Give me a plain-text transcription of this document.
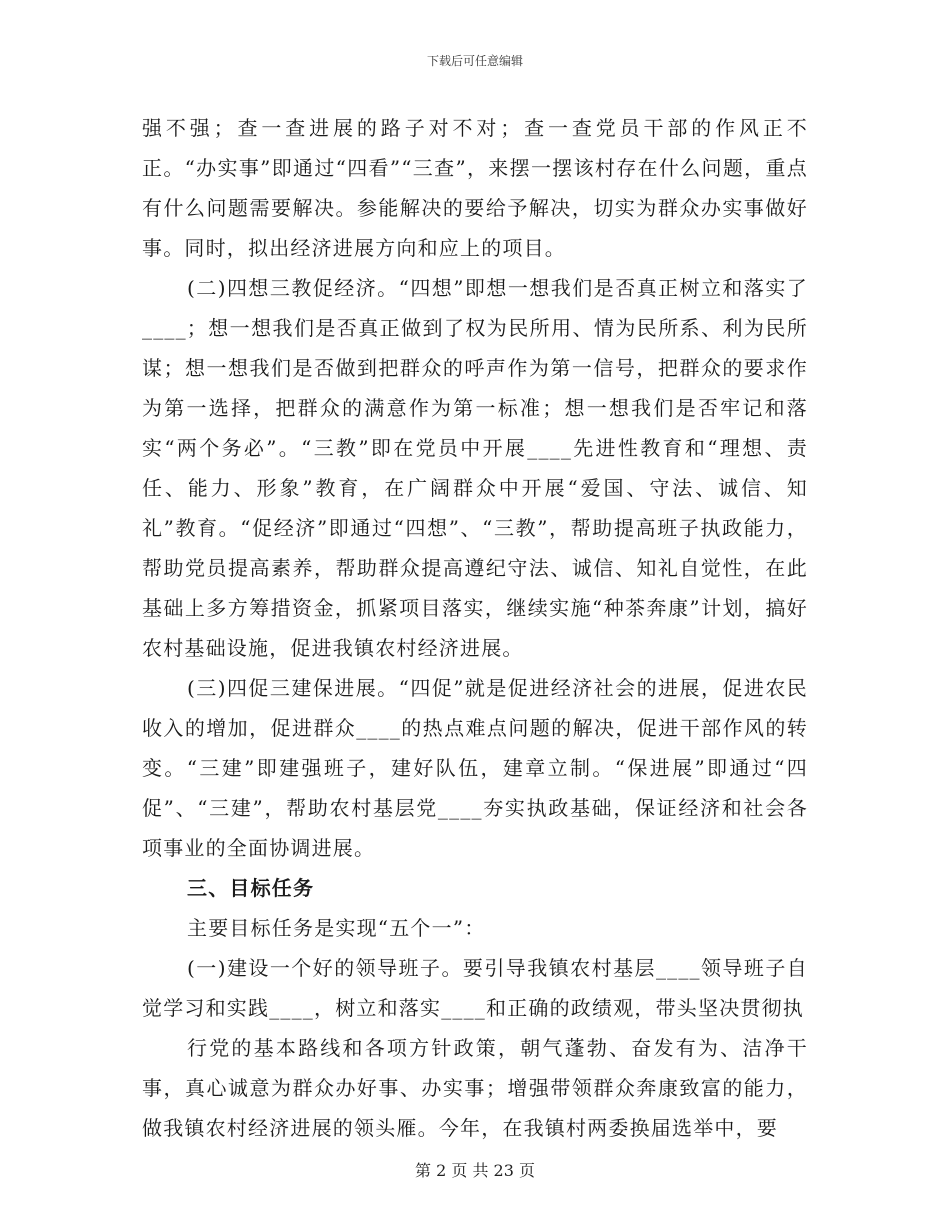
下载后可任意编辑

强不强；查一查进展的路子对不对；查一查党员干部的作风正不正。“办实事”即通过“四看”“三查”，来摆一摆该村存在什么问题，重点有什么问题需要解决。参能解决的要给予解决，切实为群众办实事做好事。同时，拟出经济进展方向和应上的项目。

(二)四想三教促经济。“四想”即想一想我们是否真正树立和落实了____；想一想我们是否真正做到了权为民所用、情为民所系、利为民所谋；想一想我们是否做到把群众的呼声作为第一信号，把群众的要求作为第一选择，把群众的满意作为第一标准；想一想我们是否牢记和落实“两个务必”。“三教”即在党员中开展____先进性教育和“理想、责任、能力、形象”教育，在广阔群众中开展“爱国、守法、诚信、知礼”教育。“促经济”即通过“四想”、“三教”，帮助提高班子执政能力，帮助党员提高素养，帮助群众提高遵纪守法、诚信、知礼自觉性，在此基础上多方筹措资金，抓紧项目落实，继续实施“种茶奔康”计划，搞好农村基础设施，促进我镇农村经济进展。

(三)四促三建保进展。“四促”就是促进经济社会的进展，促进农民收入的增加，促进群众____的热点难点问题的解决，促进干部作风的转变。“三建”即建强班子，建好队伍，建章立制。“保进展”即通过“四促”、“三建”，帮助农村基层党____夯实执政基础，保证经济和社会各项事业的全面协调进展。

三、目标任务

主要目标任务是实现“五个一”：

(一)建设一个好的领导班子。要引导我镇农村基层____领导班子自觉学习和实践____，树立和落实____和正确的政绩观，带头坚决贯彻执

行党的基本路线和各项方针政策，朝气蓬勃、奋发有为、洁净干事，真心诚意为群众办好事、办实事；增强带领群众奔康致富的能力，做我镇农村经济进展的领头雁。今年，在我镇村两委换届选举中，要

第 2 页 共 23 页
